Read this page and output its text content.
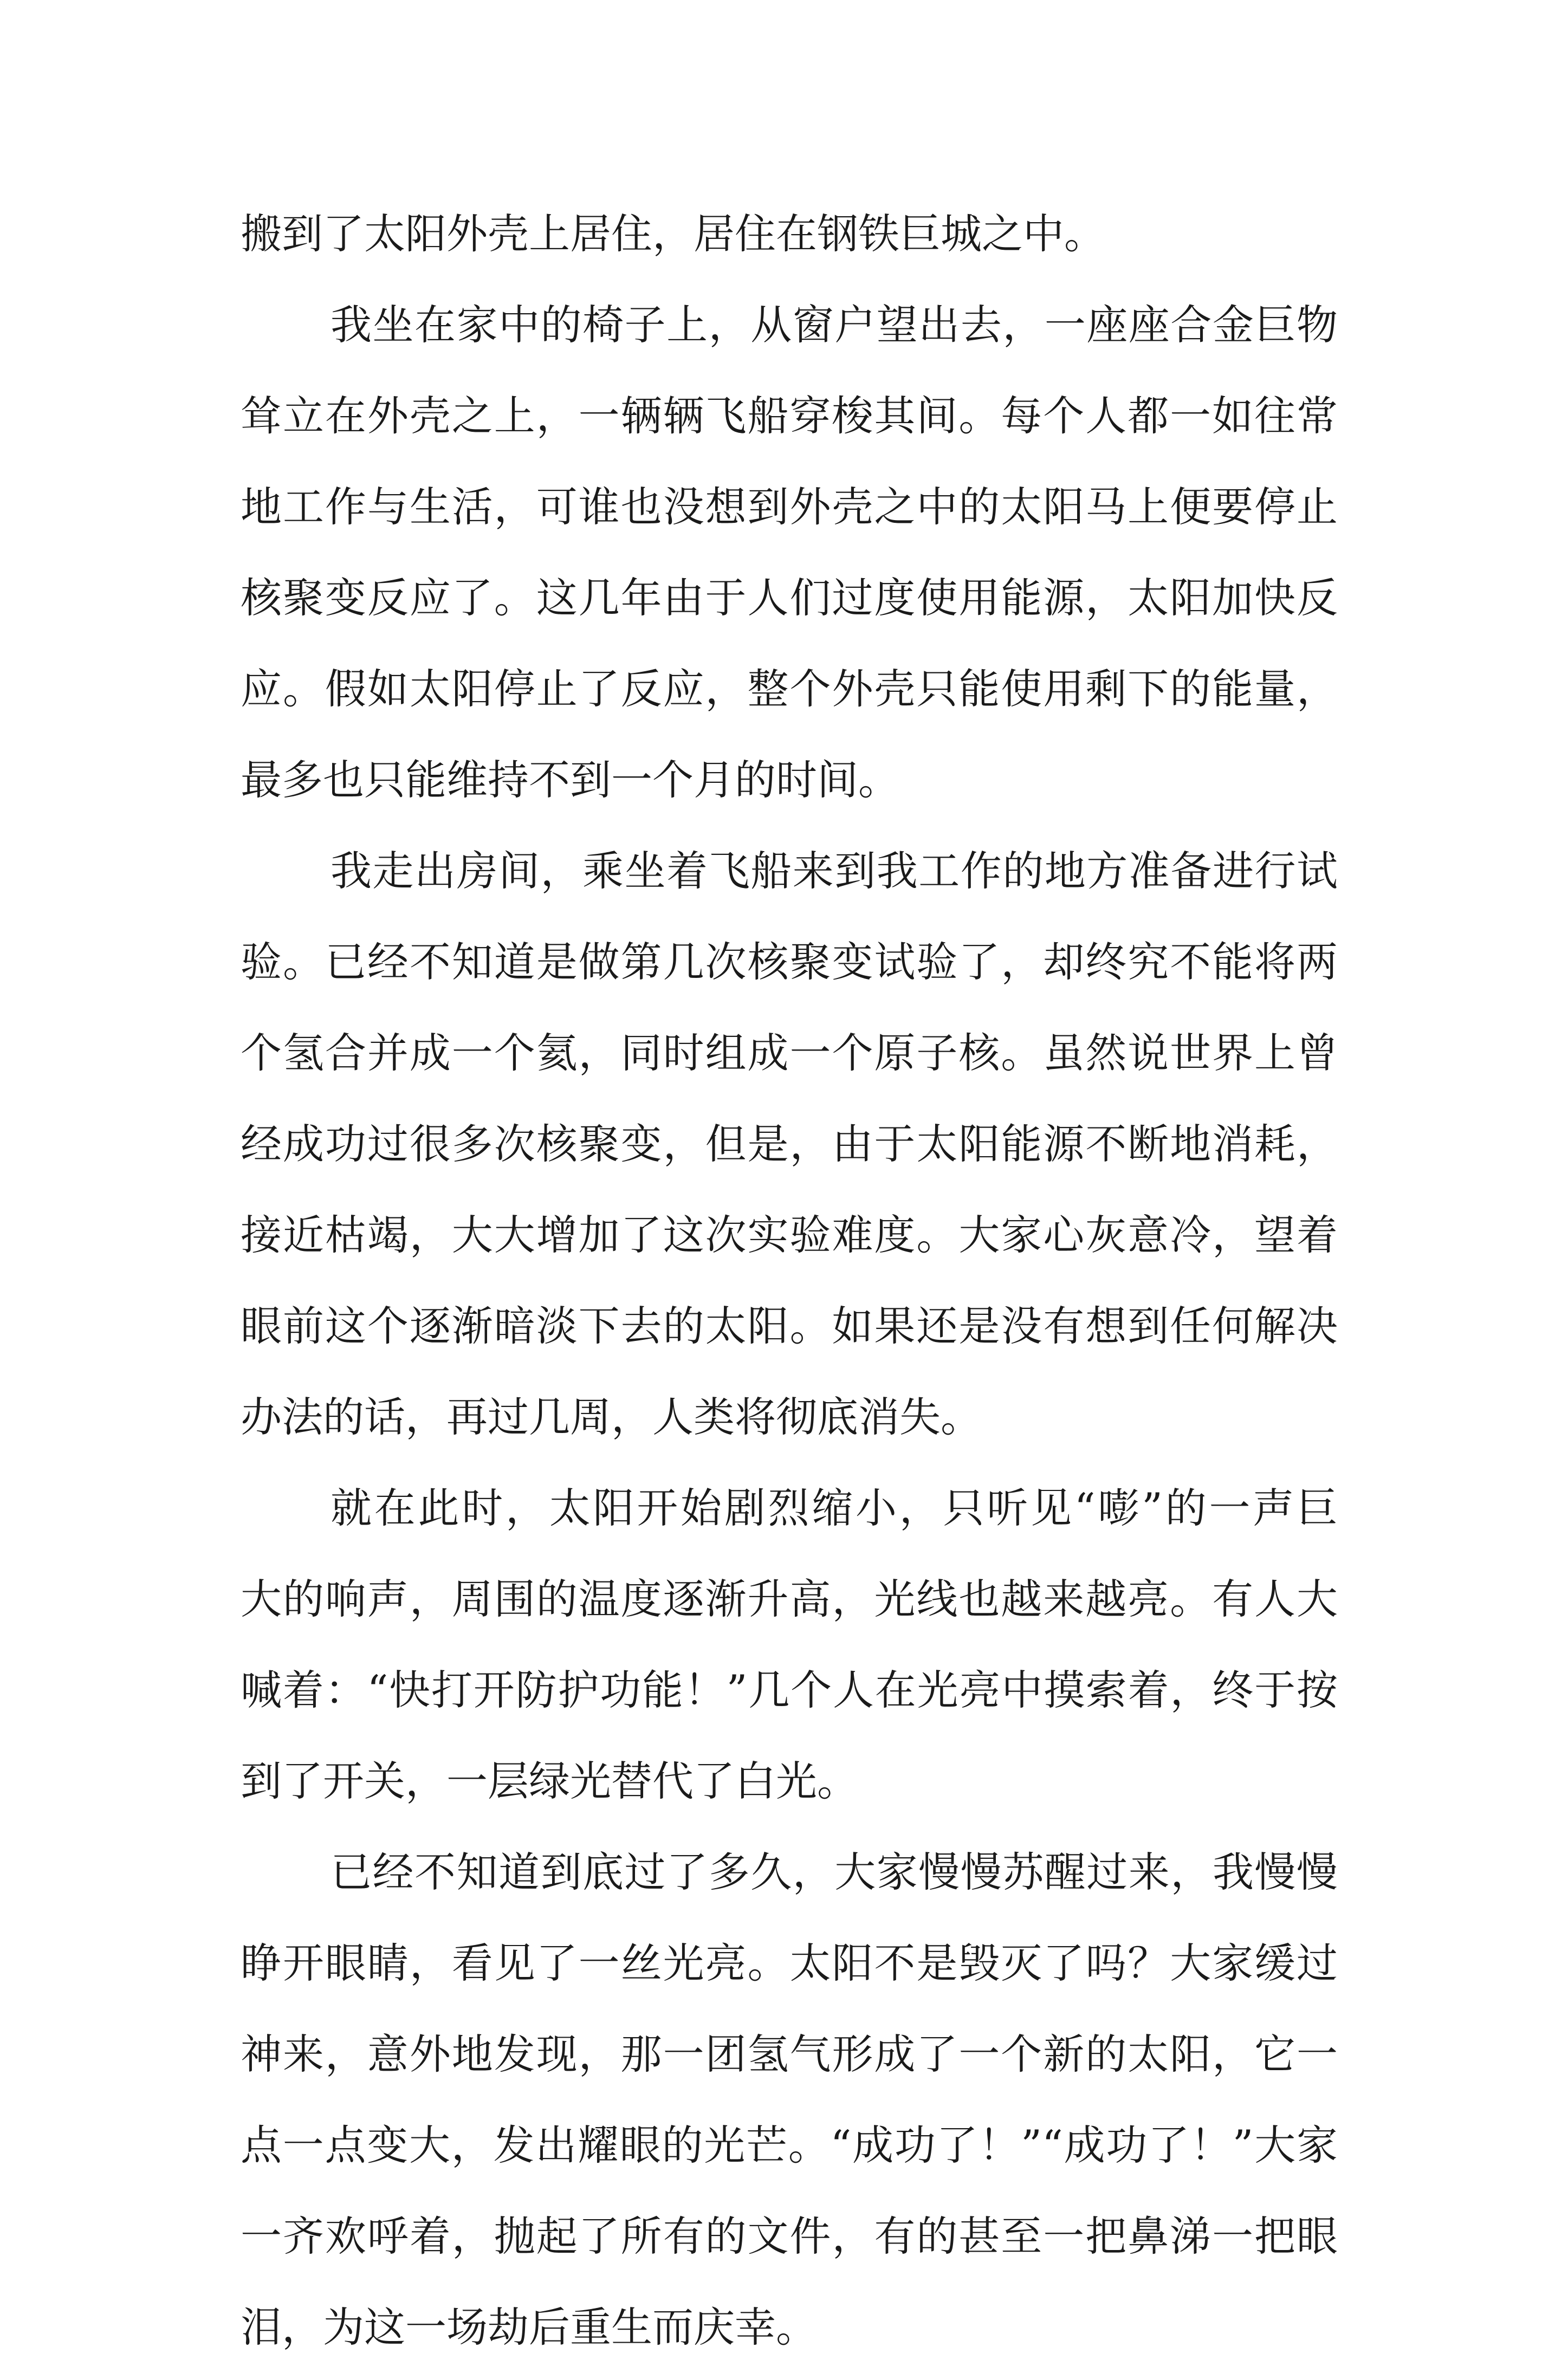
搬到了太阳外壳上居住，居住在钢铁巨城之中。
我坐在家中的椅子上，从窗户望出去，一座座合金巨物
耸立在外壳之上，一辆辆飞船穿梭其间。每个人都一如往常
地工作与生活，可谁也没想到外壳之中的太阳马上便要停止
核聚变反应了。这几年由于人们过度使用能源，太阳加快反
应。假如太阳停止了反应，整个外壳只能使用剩下的能量，
最多也只能维持不到一个月的时间。
我走出房间，乘坐着飞船来到我工作的地方准备进行试
验。已经不知道是做第几次核聚变试验了，却终究不能将两
个氢合并成一个氦，同时组成一个原子核。虽然说世界上曾
经成功过很多次核聚变，但是，由于太阳能源不断地消耗，
接近枯竭，大大增加了这次实验难度。大家心灰意冷，望着
眼前这个逐渐暗淡下去的太阳。如果还是没有想到任何解决
办法的话，再过几周，人类将彻底消失。
就在此时，太阳开始剧烈缩小，只听见“嘭”的一声巨
大的响声，周围的温度逐渐升高，光线也越来越亮。有人大
喊着：“快打开防护功能！”几个人在光亮中摸索着，终于按
到了开关，一层绿光替代了白光。
已经不知道到底过了多久，大家慢慢苏醒过来，我慢慢
睁开眼睛，看见了一丝光亮。太阳不是毁灭了吗？大家缓过
神来，意外地发现，那一团氢气形成了一个新的太阳，它一
点一点变大，发出耀眼的光芒。“成功了！”“成功了！”大家
一齐欢呼着，抛起了所有的文件，有的甚至一把鼻涕一把眼
泪，为这一场劫后重生而庆幸。
